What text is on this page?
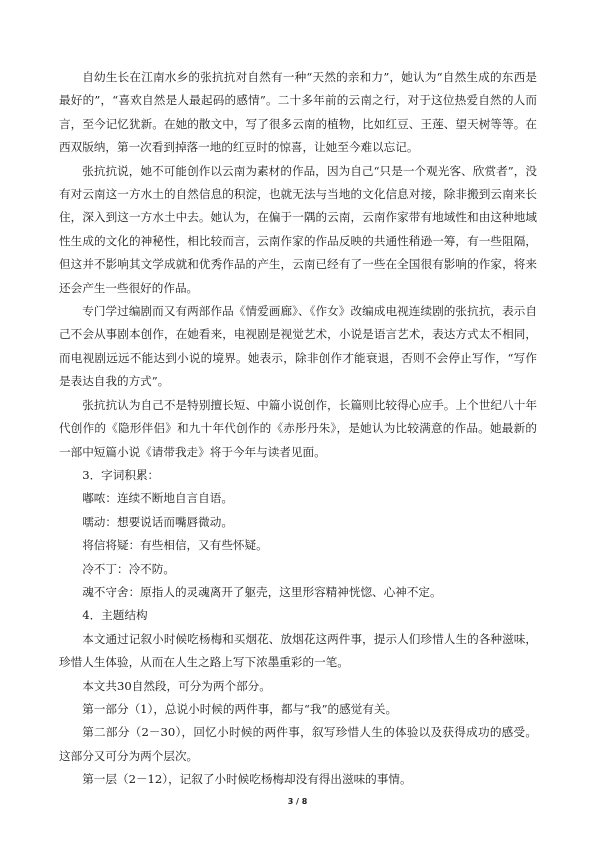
自幼生长在江南水乡的张抗抗对自然有一种“天然的亲和力”，她认为“自然生成的东西是最好的”，“喜欢自然是人最起码的感情”。二十多年前的云南之行，对于这位热爱自然的人而言，至今记忆犹新。在她的散文中，写了很多云南的植物，比如红豆、王莲、望天树等等。在西双版纳，第一次看到掉落一地的红豆时的惊喜，让她至今难以忘记。

张抗抗说，她不可能创作以云南为素材的作品，因为自己“只是一个观光客、欣赏者”，没有对云南这一方水土的自然信息的积淀，也就无法与当地的文化信息对接，除非搬到云南来长住，深入到这一方水土中去。她认为，在偏于一隅的云南，云南作家带有地域性和由这种地域性生成的文化的神秘性，相比较而言，云南作家的作品反映的共通性稍逊一筹，有一些阻隔，但这并不影响其文学成就和优秀作品的产生，云南已经有了一些在全国很有影响的作家，将来还会产生一些很好的作品。

专门学过编剧而又有两部作品《情爱画廊》、《作女》改编成电视连续剧的张抗抗，表示自己不会从事剧本创作，在她看来，电视剧是视觉艺术，小说是语言艺术，表达方式太不相同，而电视剧远远不能达到小说的境界。她表示，除非创作才能衰退，否则不会停止写作，“写作是表达自我的方式”。

张抗抗认为自己不是特别擅长短、中篇小说创作，长篇则比较得心应手。上个世纪八十年代创作的《隐形伴侣》和九十年代创作的《赤彤丹朱》，是她认为比较满意的作品。她最新的一部中短篇小说《请带我走》将于今年与读者见面。

3．字词积累：

嘟哝：连续不断地自言自语。

嚅动：想要说话而嘴唇微动。

将信将疑：有些相信，又有些怀疑。

冷不丁：冷不防。

魂不守舍：原指人的灵魂离开了躯壳，这里形容精神恍惚、心神不定。

4．主题结构

本文通过记叙小时候吃杨梅和买烟花、放烟花这两件事，提示人们珍惜人生的各种滋味，珍惜人生体验，从而在人生之路上写下浓墨重彩的一笔。

本文共30自然段，可分为两个部分。

第一部分（1），总说小时候的两件事，都与“我”的感觉有关。

第二部分（2－30），回忆小时候的两件事，叙写珍惜人生的体验以及获得成功的感受。这部分又可分为两个层次。

第一层（2－12），记叙了小时候吃杨梅却没有得出滋味的事情。

3 / 8
